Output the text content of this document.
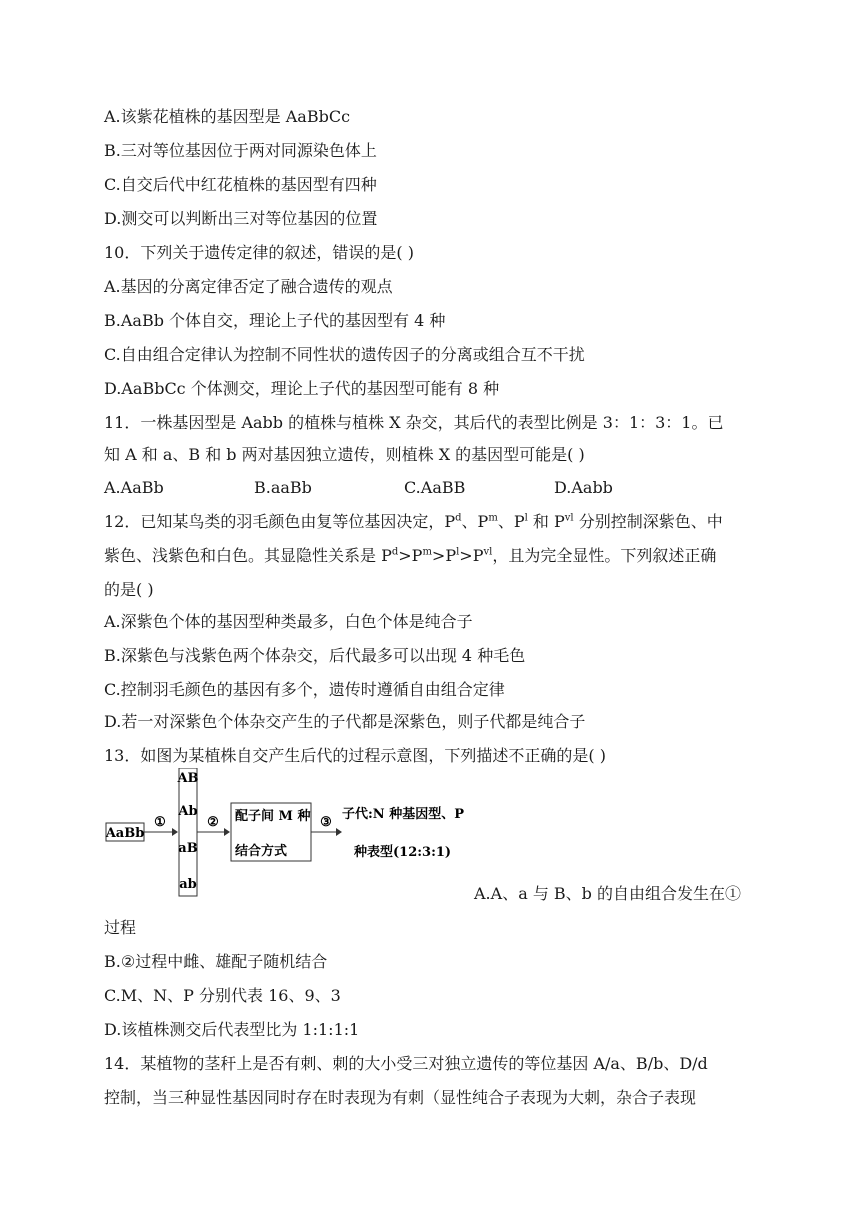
A.该紫花植株的基因型是 AaBbCc
B.三对等位基因位于两对同源染色体上
C.自交后代中红花植株的基因型有四种
D.测交可以判断出三对等位基因的位置
10．下列关于遗传定律的叙述，错误的是( )
A.基因的分离定律否定了融合遗传的观点
B.AaBb 个体自交，理论上子代的基因型有 4 种
C.自由组合定律认为控制不同性状的遗传因子的分离或组合互不干扰
D.AaBbCc 个体测交，理论上子代的基因型可能有 8 种
11．一株基因型是 Aabb 的植株与植株 X 杂交，其后代的表型比例是 3：1：3：1。已
知 A 和 a、B 和 b 两对基因独立遗传，则植株 X 的基因型可能是( )
A.AaBb	B.aaBb	C.AaBB	D.Aabb
12．已知某鸟类的羽毛颜色由复等位基因决定，$P^d$、$P^m$、$P^l$ 和 $P^{vl}$ 分别控制深紫色、中
紫色、浅紫色和白色。其显隐性关系是 $P^d>P^m>P^l>P^{vl}$，且为完全显性。下列叙述正确
的是( )
A.深紫色个体的基因型种类最多，白色个体是纯合子
B.深紫色与浅紫色两个体杂交，后代最多可以出现 4 种毛色
C.控制羽毛颜色的基因有多个，遗传时遵循自由组合定律
D.若一对深紫色个体杂交产生的子代都是深紫色，则子代都是纯合子
13．如图为某植株自交产生后代的过程示意图，下列描述不正确的是( )
AaBb
①
AB
Ab
aB
ab
② 配子间 M 种
结合方式
③
子代:N 种基因型、P
种表型(12:3:1)
A.A、a 与 B、b 的自由组合发生在①
过程
B.②过程中雌、雄配子随机结合
C.M、N、P 分别代表 16、9、3
D.该植株测交后代表型比为 1:1:1:1
14．某植物的茎秆上是否有刺、刺的大小受三对独立遗传的等位基因 A/a、B/b、D/d
控制，当三种显性基因同时存在时表现为有刺（显性纯合子表现为大刺，杂合子表现
